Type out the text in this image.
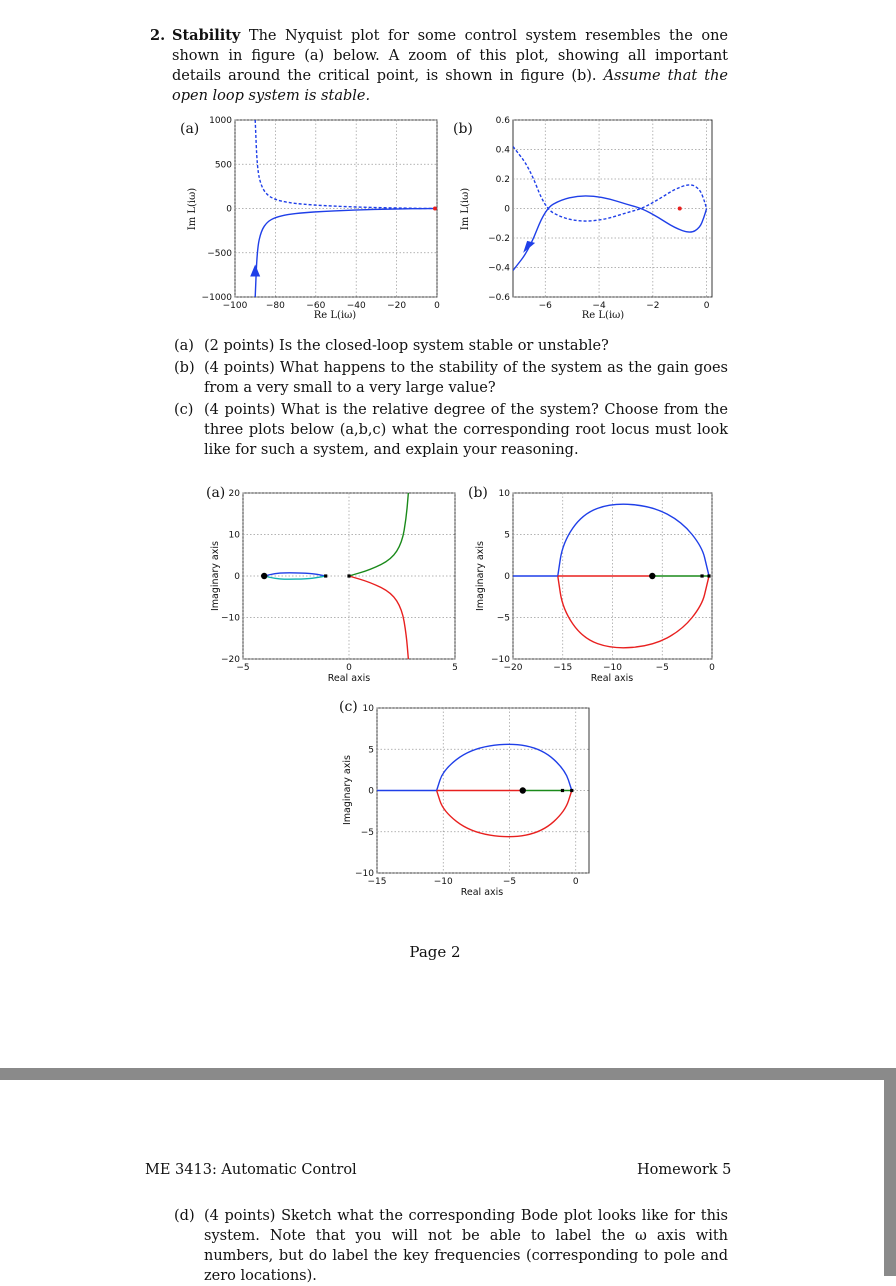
2. Stability The Nyquist plot for some control system resembles the one shown in figure (a) below. A zoom of this plot, showing all important details around the critical point, is shown in figure (b). Assume that the open loop system is stable.
(a) (2 points) Is the closed-loop system stable or unstable?
(b) (4 points) What happens to the stability of the system as the gain goes from a very small to a very large value?
(c) (4 points) What is the relative degree of the system? Choose from the three plots below (a,b,c) what the corresponding root locus must look like for such a system, and explain your reasoning.
Page 2
ME 3413: Automatic Control	Homework 5
(d) (4 points) Sketch what the corresponding Bode plot looks like for this system. Note that you will not be able to label the ω axis with numbers, but do label the key frequencies (corresponding to pole and zero locations).
−100 −80 −60 −40 −20	0
1000
500
0
−500
−1000
(a)
Re L(iω)
Im L(iω)
−6	−4	−2	0
0.6
0.4
0.2
0
−0.2
−0.4
−0.6
(b)
Re L(iω)
Im L(iω)
−5	0	5
20
10
0
−10
−20
(a)
Real axis
Imaginary axis
−20	−15	−10	−5	0
10
5
0
−5
−10
(b)
Real axis
Imaginary axis
−15	−10	−5	0
10
5
0
−5
−10
(c)
Real axis
Imaginary axis
